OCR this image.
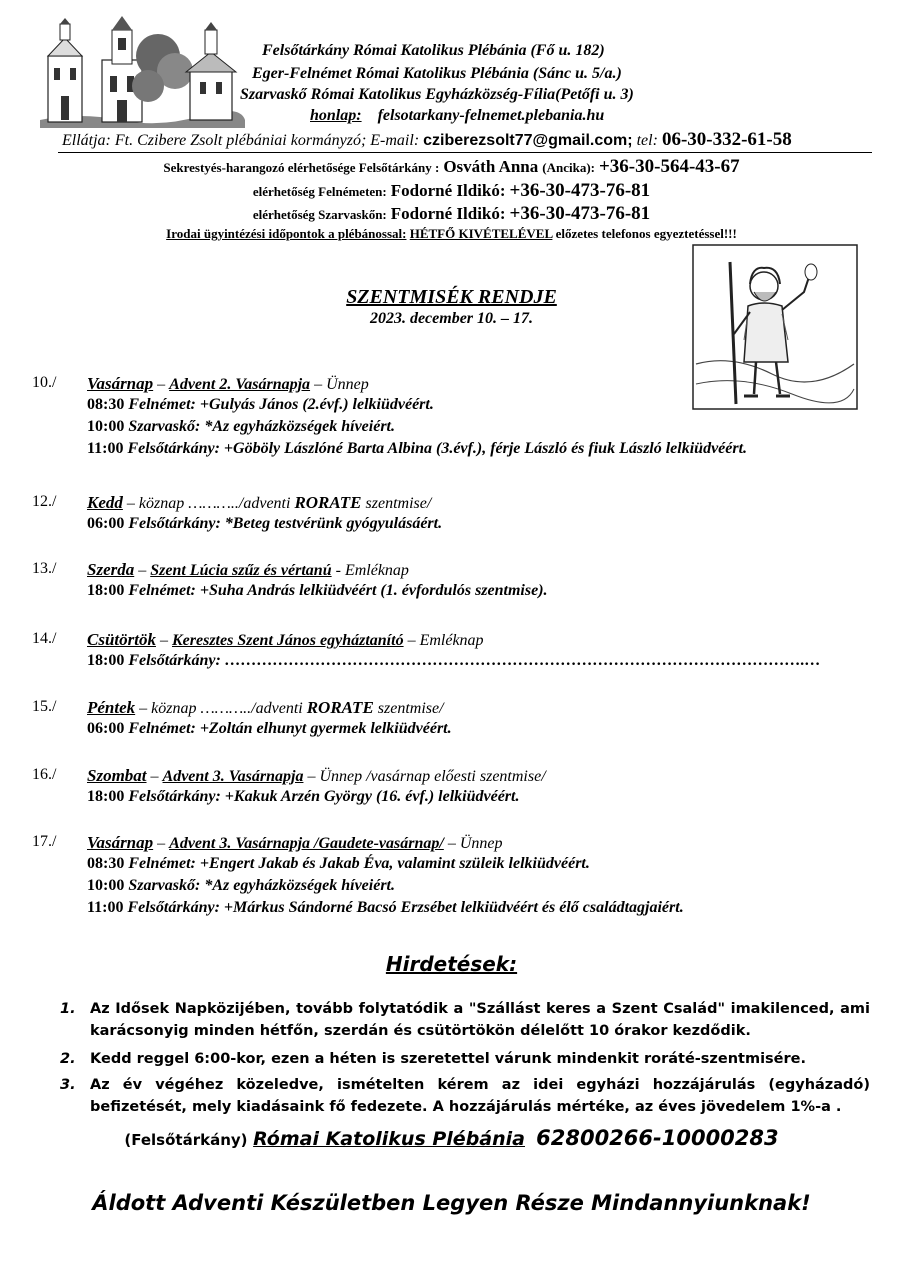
Felsőtárkány Római Katolikus Plébánia (Fő u. 182)
Eger-Felnémet Római Katolikus Plébánia (Sánc u. 5/a.)
Szarvaskő Római Katolikus Egyházközség-Fília(Petőfi u. 3)
honlap: felsotarkany-felnemet.plebania.hu
Ellátja: Ft. Czibere Zsolt plébániai kormányzó; E-mail: cziberezsolt77@gmail.com; tel: 06-30-332-61-58
Sekrestyés-harangozó elérhetősége Felsőtárkány : Osváth Anna (Ancika): +36-30-564-43-67
elérhetőség Felnémeten: Fodorné Ildikó: +36-30-473-76-81
elérhetőség Szarvaskőn: Fodorné Ildikó: +36-30-473-76-81
Irodai ügyintézési időpontok a plébánossal: HÉTFŐ KIVÉTELÉVEL előzetes telefonos egyeztetéssel!!!
SZENTMISÉK RENDJE
2023. december 10. – 17.
10./ Vasárnap – Advent 2. Vasárnapja – Ünnep
08:30 Felnémet: +Gulyás János (2.évf.) lelkiüdvéért.
10:00 Szarvaskő: *Az egyházközségek híveiért.
11:00 Felsőtárkány: +Göböly Lászlóné Barta Albina (3.évf.), férje László és fiuk László lelkiüdvéért.
12./ Kedd – köznap ………../adventi RORATE szentmise/
06:00 Felsőtárkány: *Beteg testvérünk gyógyulásáért.
13./ Szerda – Szent Lúcia szűz és vértanú - Emléknap
18:00 Felnémet: +Suha András lelkiüdvéért (1. évfordulós szentmise).
14./ Csütörtök – Keresztes Szent János egyháztanító – Emléknap
18:00 Felsőtárkány: ……………………………………………………………………………………………….…
15./ Péntek – köznap ………../adventi RORATE szentmise/
06:00 Felnémet: +Zoltán elhunyt gyermek lelkiüdvéért.
16./ Szombat – Advent 3. Vasárnapja – Ünnep /vasárnap előesti szentmise/
18:00 Felsőtárkány: +Kakuk Arzén György (16. évf.) lelkiüdvéért.
17./ Vasárnap – Advent 3. Vasárnapja /Gaudete-vasárnap/ – Ünnep
08:30 Felnémet: +Engert Jakab és Jakab Éva, valamint szüleik lelkiüdvéért.
10:00 Szarvaskő: *Az egyházközségek híveiért.
11:00 Felsőtárkány: +Márkus Sándorné Bacsó Erzsébet lelkiüdvéért és élő családtagjaiért.
Hirdetések:
1. Az Idősek Napközijében, tovább folytatódik a "Szállást keres a Szent Család" imakilenced, ami karácsonyig minden hétfőn, szerdán és csütörtökön délelőtt 10 órakor kezdődik.
2. Kedd reggel 6:00-kor, ezen a héten is szeretettel várunk mindenkit roráté-szentmisére.
3. Az év végéhez közeledve, ismételten kérem az idei egyházi hozzájárulás (egyházadó) befizetését, mely kiadásaink fő fedezete. A hozzájárulás mértéke, az éves jövedelem 1%-a .
(Felsőtárkány) Római Katolikus Plébánia 62800266-10000283
Áldott Adventi Készületben Legyen Része Mindannyiunknak!
